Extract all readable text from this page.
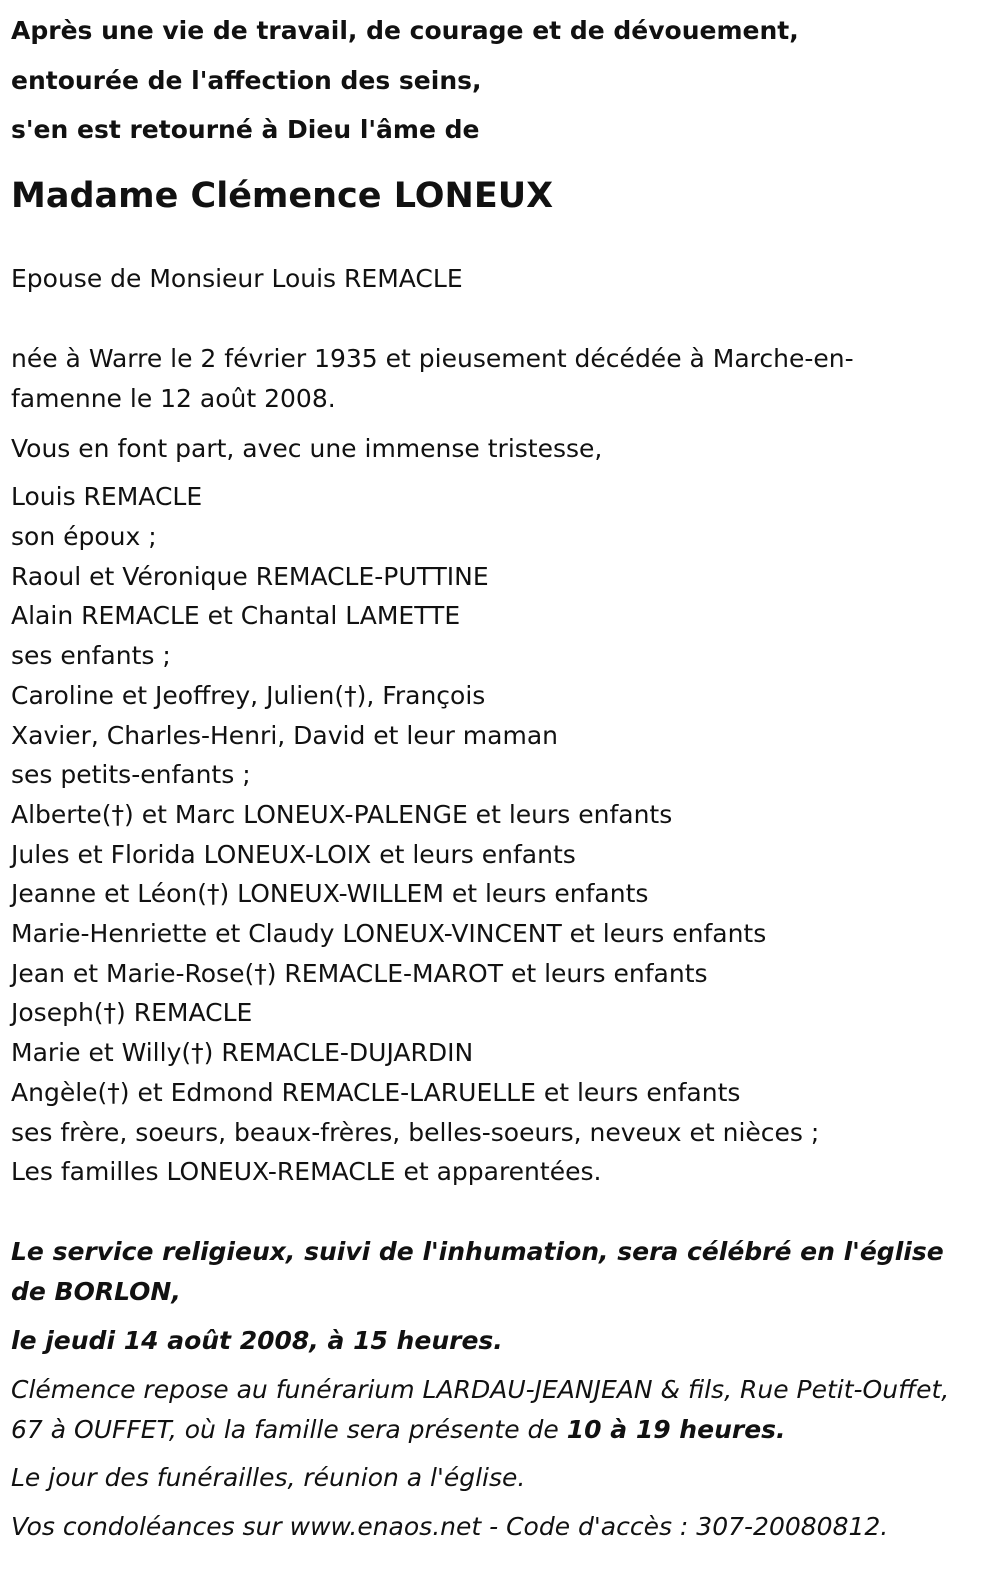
Après une vie de travail, de courage et de dévouement,
entourée de l'affection des seins,
s'en est retourné à Dieu l'âme de
Madame Clémence LONEUX
Epouse de Monsieur Louis REMACLE
née à Warre le 2 février 1935 et pieusement décédée à Marche-en-famenne le 12 août 2008.
Vous en font part, avec une immense tristesse,
Louis REMACLE
son époux ;
Raoul et Véronique REMACLE-PUTTINE
Alain REMACLE et Chantal LAMETTE
ses enfants ;
Caroline et Jeoffrey, Julien(†), François
Xavier, Charles-Henri, David et leur maman
ses petits-enfants ;
Alberte(†) et Marc LONEUX-PALENGE et leurs enfants
Jules et Florida LONEUX-LOIX et leurs enfants
Jeanne et Léon(†) LONEUX-WILLEM et leurs enfants
Marie-Henriette et Claudy LONEUX-VINCENT et leurs enfants
Jean et Marie-Rose(†) REMACLE-MAROT et leurs enfants
Joseph(†) REMACLE
Marie et Willy(†) REMACLE-DUJARDIN
Angèle(†) et Edmond REMACLE-LARUELLE et leurs enfants
ses frère, soeurs, beaux-frères, belles-soeurs, neveux et nièces ;
Les familles LONEUX-REMACLE et apparentées.
Le service religieux, suivi de l'inhumation, sera célébré en l'église de BORLON,
le jeudi 14 août 2008, à 15 heures.
Clémence repose au funérarium LARDAU-JEANJEAN & fils, Rue Petit-Ouffet, 67 à OUFFET, où la famille sera présente de 10 à 19 heures.
Le jour des funérailles, réunion a l'église.
Vos condoléances sur www.enaos.net - Code d'accès : 307-20080812.
